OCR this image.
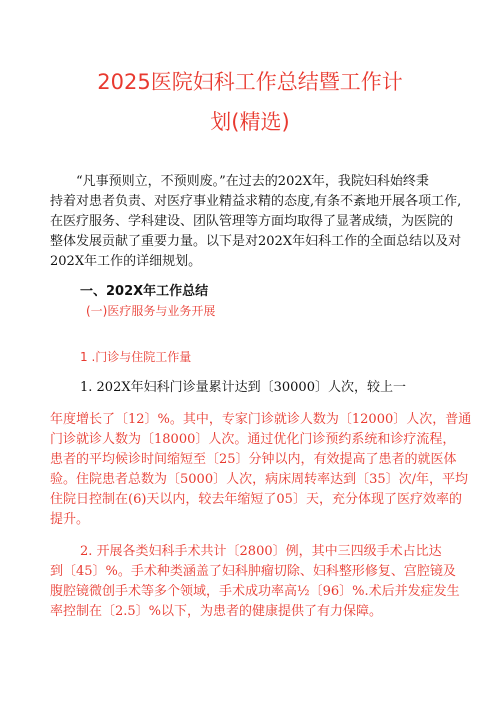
2025医院妇科工作总结暨工作计
划(精选)
“凡事预则立，不预则废。”在过去的202X年，我院妇科始终秉
持着对患者负责、对医疗事业精益求精的态度,有条不紊地开展各项工作,
在医疗服务、学科建设、团队管理等方面均取得了显著成绩，为医院的
整体发展贡献了重要力量。以下是对202X年妇科工作的全面总结以及对
202X年工作的详细规划。
一、202X年工作总结
(一)医疗服务与业务开展
1 .门诊与住院工作量
1. 202X年妇科门诊量累计达到〔30000〕人次，较上一
年度增长了〔12〕%。其中，专家门诊就诊人数为〔12000〕人次，普通
门诊就诊人数为〔18000〕人次。通过优化门诊预约系统和诊疗流程，
患者的平均候诊时间缩短至〔25〕分钟以内，有效提高了患者的就医体
验。住院患者总数为〔5000〕人次，病床周转率达到〔35〕次/年，平均
住院日控制在(6)天以内，较去年缩短了05〕天，充分体现了医疗效率的
提升。
2. 开展各类妇科手术共计〔2800〕例，其中三四级手术占比达
到〔45〕%。手术种类涵盖了妇科肿瘤切除、妇科整形修复、宫腔镜及
腹腔镜微创手术等多个领域，手术成功率高½〔96〕%.术后并发症发生
率控制在〔2.5〕%以下，为患者的健康提供了有力保障。
